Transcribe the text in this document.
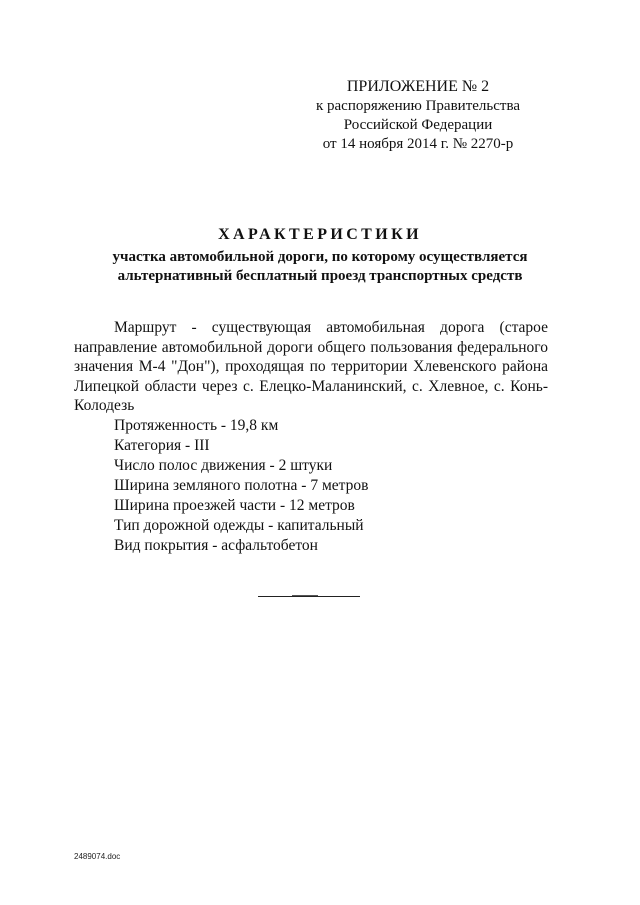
ПРИЛОЖЕНИЕ № 2
к распоряжению Правительства
Российской Федерации
от 14 ноября 2014 г. № 2270-р
ХАРАКТЕРИСТИКИ
участка автомобильной дороги, по которому осуществляется
альтернативный бесплатный проезд транспортных средств

Маршрут - существующая автомобильная дорога (старое направление автомобильной дороги общего пользования федерального значения М-4 "Дон"), проходящая по территории Хлевенского района Липецкой области через с. Елецко-Маланинский, с. Хлевное, с. Конь-Колодезь

Протяженность - 19,8 км

Категория - III

Число полос движения - 2 штуки

Ширина земляного полотна - 7 метров

Ширина проезжей части - 12 метров

Тип дорожной одежды - капитальный

Вид покрытия - асфальтобетон

2489074.doc
